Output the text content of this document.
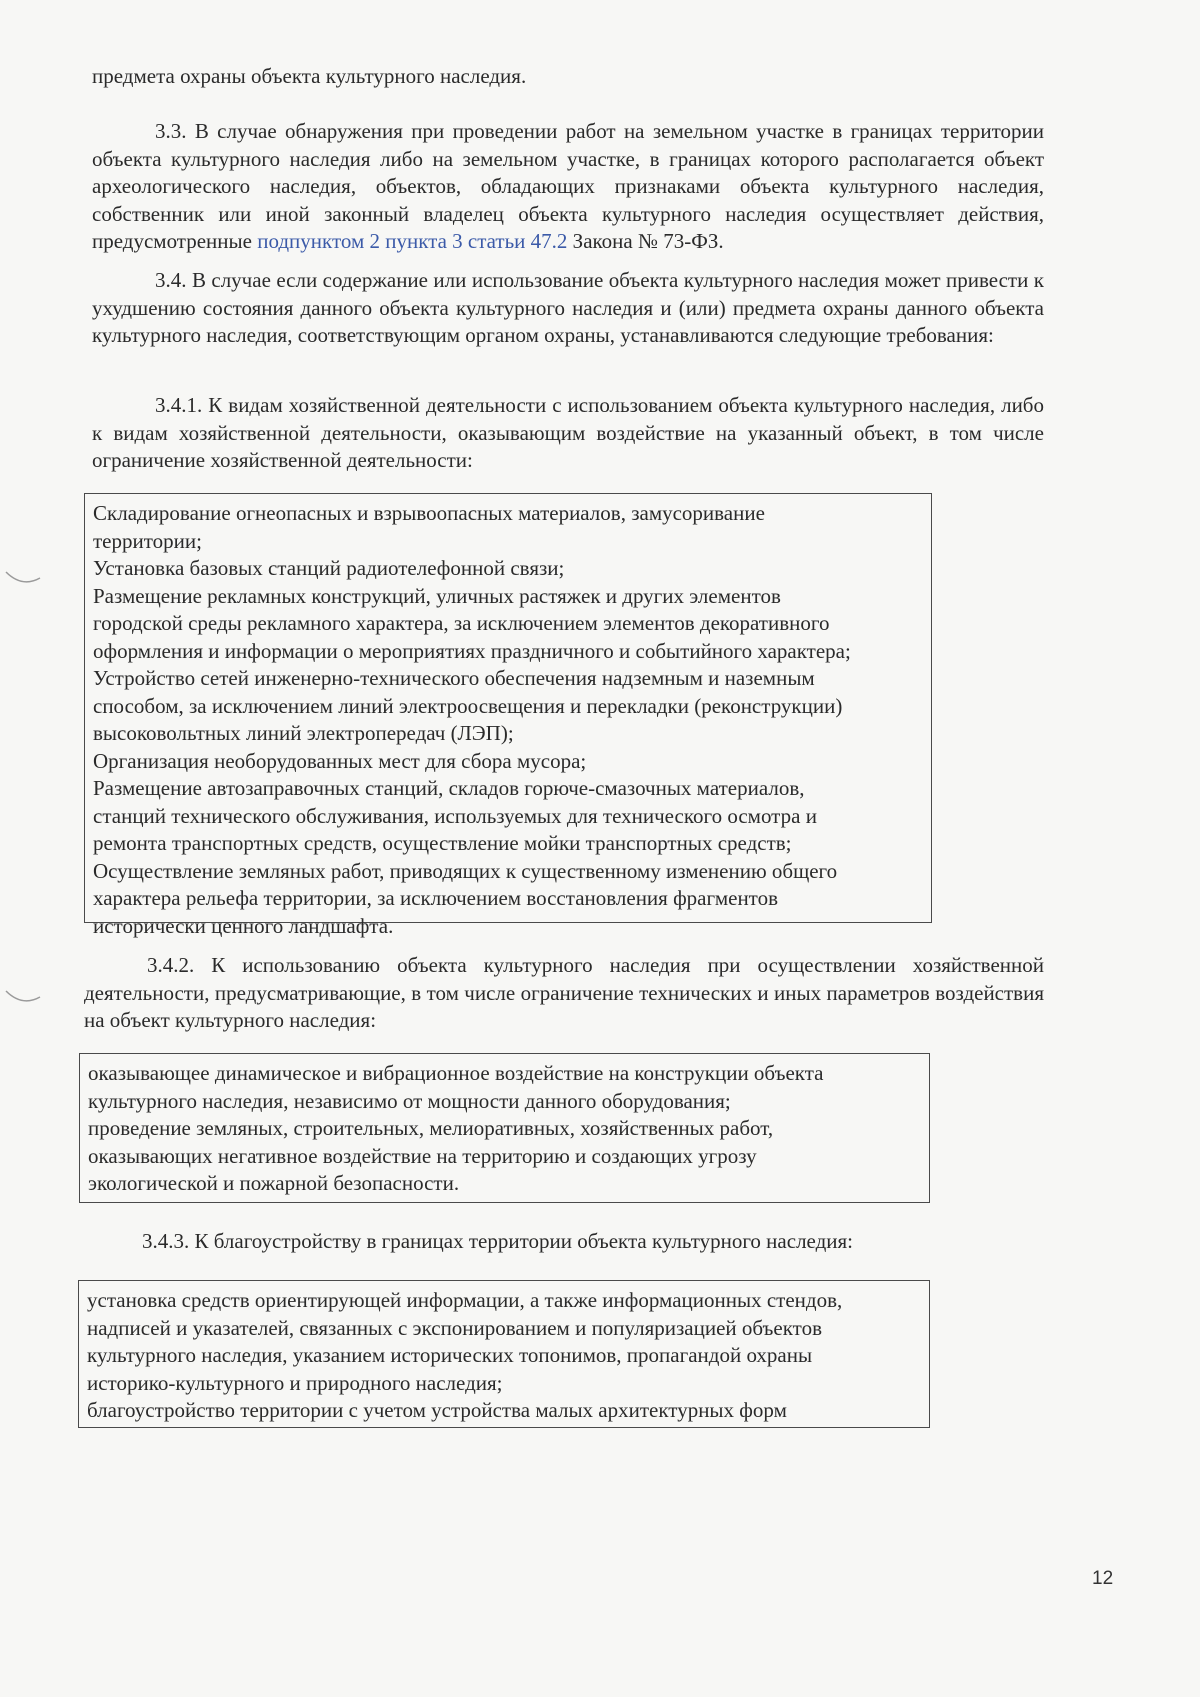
предмета охраны объекта культурного наследия.

3.3. В случае обнаружения при проведении работ на земельном участке в границах территории объекта культурного наследия либо на земельном участке, в границах которого располагается объект археологического наследия, объектов, обладающих признаками объекта культурного наследия, собственник или иной законный владелец объекта культурного наследия осуществляет действия, предусмотренные подпунктом 2 пункта 3 статьи 47.2 Закона № 73-ФЗ.

3.4. В случае если содержание или использование объекта культурного наследия может привести к ухудшению состояния данного объекта культурного наследия и (или) предмета охраны данного объекта культурного наследия, соответствующим органом охраны, устанавливаются следующие требования:

3.4.1. К видам хозяйственной деятельности с использованием объекта культурного наследия, либо к видам хозяйственной деятельности, оказывающим воздействие на указанный объект, в том числе ограничение хозяйственной деятельности:

Складирование огнеопасных и взрывоопасных материалов, замусоривание
территории;
Установка базовых станций радиотелефонной связи;
Размещение рекламных конструкций, уличных растяжек и других элементов
городской среды рекламного характера, за исключением элементов декоративного
оформления и информации о мероприятиях праздничного и событийного характера;
Устройство сетей инженерно-технического обеспечения надземным и наземным
способом, за исключением линий электроосвещения и перекладки (реконструкции)
высоковольтных линий электропередач (ЛЭП);
Организация необорудованных мест для сбора мусора;
Размещение автозаправочных станций, складов горюче-смазочных материалов,
станций технического обслуживания, используемых для технического осмотра и
ремонта транспортных средств, осуществление мойки транспортных средств;
Осуществление земляных работ, приводящих к существенному изменению общего
характера рельефа территории, за исключением восстановления фрагментов
исторически ценного ландшафта.

3.4.2. К использованию объекта культурного наследия при осуществлении хозяйственной деятельности, предусматривающие, в том числе ограничение технических и иных параметров воздействия на объект культурного наследия:

оказывающее динамическое и вибрационное воздействие на конструкции объекта
культурного наследия, независимо от мощности данного оборудования;
проведение земляных, строительных, мелиоративных, хозяйственных работ,
оказывающих негативное воздействие на территорию и создающих угрозу
экологической и пожарной безопасности.

3.4.3. К благоустройству в границах территории объекта культурного наследия:

установка средств ориентирующей информации, а также информационных стендов,
надписей и указателей, связанных с экспонированием и популяризацией объектов
культурного наследия, указанием исторических топонимов, пропагандой охраны
историко-культурного и природного наследия;
благоустройство территории с учетом устройства малых архитектурных форм
12
